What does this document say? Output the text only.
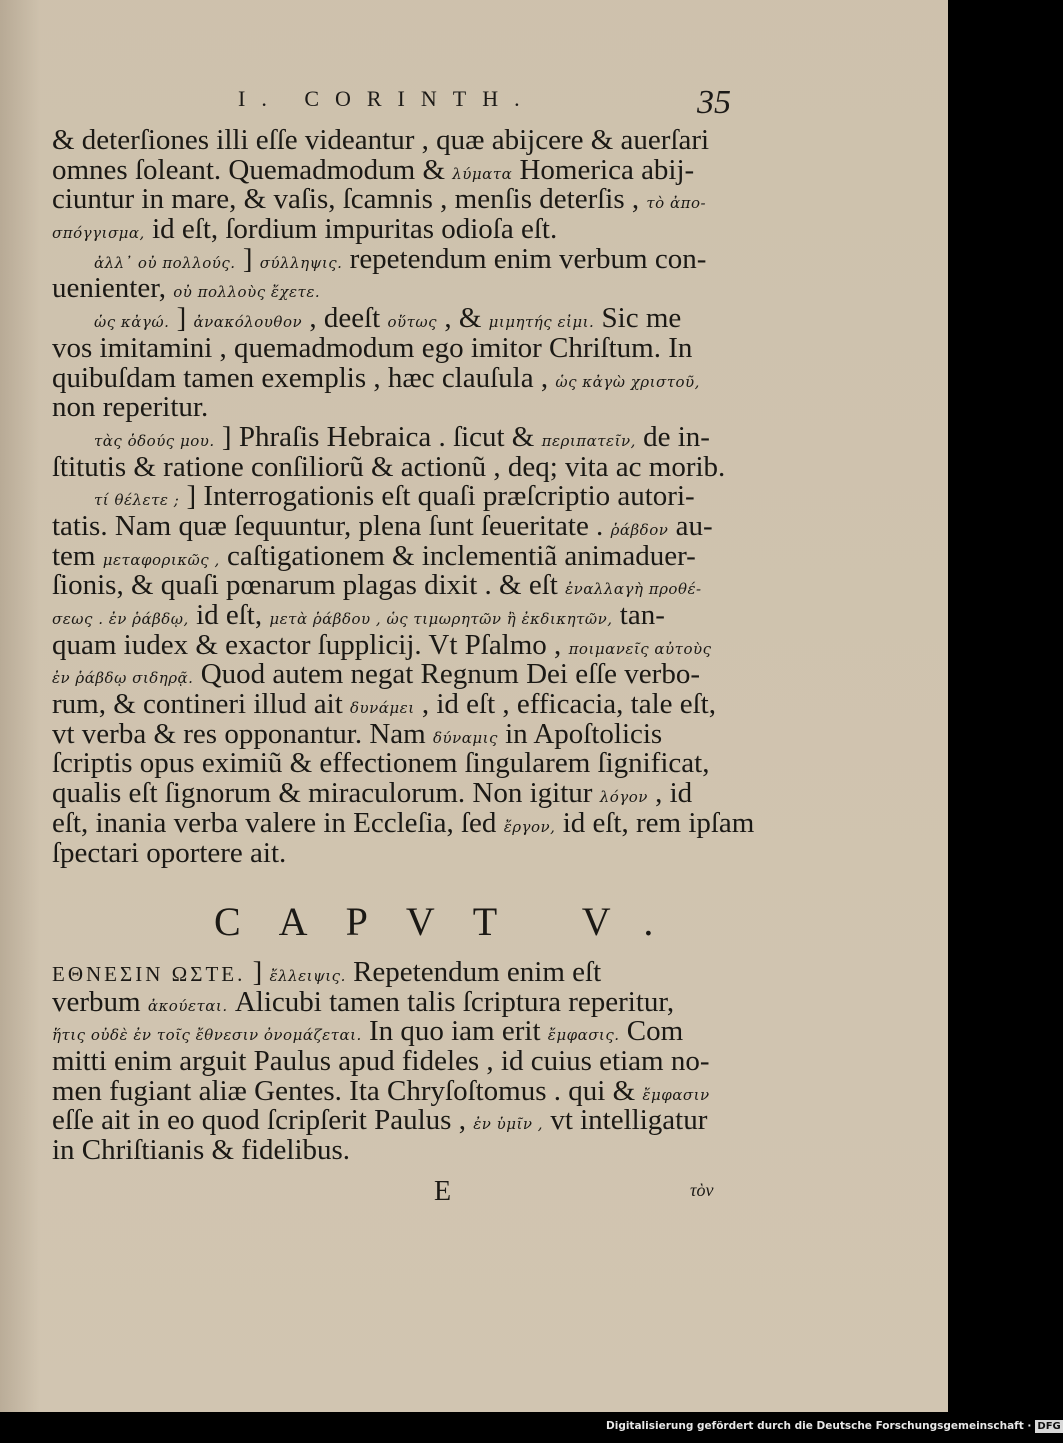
I. CORINTH.	35
& deterſiones illi eſſe videantur , quæ abijcere & auerſari
omnes ſoleant. Quemadmodum & λύματα Homerica abij-
ciuntur in mare, & vaſis, ſcamnis , menſis deterſis , τὸ ἀπο-
σπόγγισμα, id eſt, ſordium impuritas odioſa eſt.
ἀλλ᾽ οὐ πολλούς. ] σύλληψις. repetendum enim verbum con-
uenienter, οὐ πολλοὺς ἔχετε.
ὡς κἀγώ. ] ἀνακόλουθον , deeſt οὕτως , & μιμητής εἰμι. Sic me
vos imitamini , quemadmodum ego imitor Chriſtum. In
quibuſdam tamen exemplis , hæc clauſula , ὡς κἀγὼ χριστοῦ,
non reperitur.
τὰς ὁδούς μου. ] Phraſis Hebraica . ſicut & περιπατεῖν, de in-
ſtitutis & ratione conſiliorũ & actionũ , deq; vita ac morib.
τί θέλετε ; ] Interrogationis eſt quaſi præſcriptio autori-
tatis. Nam quæ ſequuntur, plena ſunt ſeueritate . ῥάβδον au-
tem μεταφορικῶς , caſtigationem & inclementiã animaduer-
ſionis, & quaſi pœnarum plagas dixit . & eſt ἐναλλαγὴ προθέ-
σεως . ἐν ῥάβδῳ, id eſt, μετὰ ῥάβδου , ὡς τιμωρητῶν ἢ ἐκδικητῶν, tan-
quam iudex & exactor ſupplicij. Vt Pſalmo , ποιμανεῖς αὐτοὺς
ἐν ῥάβδῳ σιδηρᾷ. Quod autem negat Regnum Dei eſſe verbo-
rum, & contineri illud ait δυνάμει , id eſt , efficacia, tale eſt,
vt verba & res opponantur. Nam δύναμις in Apoſtolicis
ſcriptis opus eximiũ & effectionem ſingularem ſignificat,
qualis eſt ſignorum & miraculorum. Non igitur λόγον , id
eſt, inania verba valere in Eccleſia, ſed ἔργον, id eſt, rem ipſam
ſpectari oportere ait.
CAPVT V.
ΕΘΝΕΣΙΝ ΩΣΤΕ. ] ἔλλειψις. Repetendum enim eſt
verbum ἀκούεται. Alicubi tamen talis ſcriptura reperitur,
ἥτις οὐδὲ ἐν τοῖς ἔθνεσιν ὀνομάζεται. In quo iam erit ἔμφασις. Com
mitti enim arguit Paulus apud fideles , id cuius etiam no-
men fugiant aliæ Gentes. Ita Chryſoſtomus . qui & ἔμφασιν
eſſe ait in eo quod ſcripſerit Paulus , ἐν ὑμῖν , vt intelligatur
in Chriſtianis & fidelibus.
E	τὸν
Digitalisierung gefördert durch die Deutsche Forschungsgemeinschaft · DFG
